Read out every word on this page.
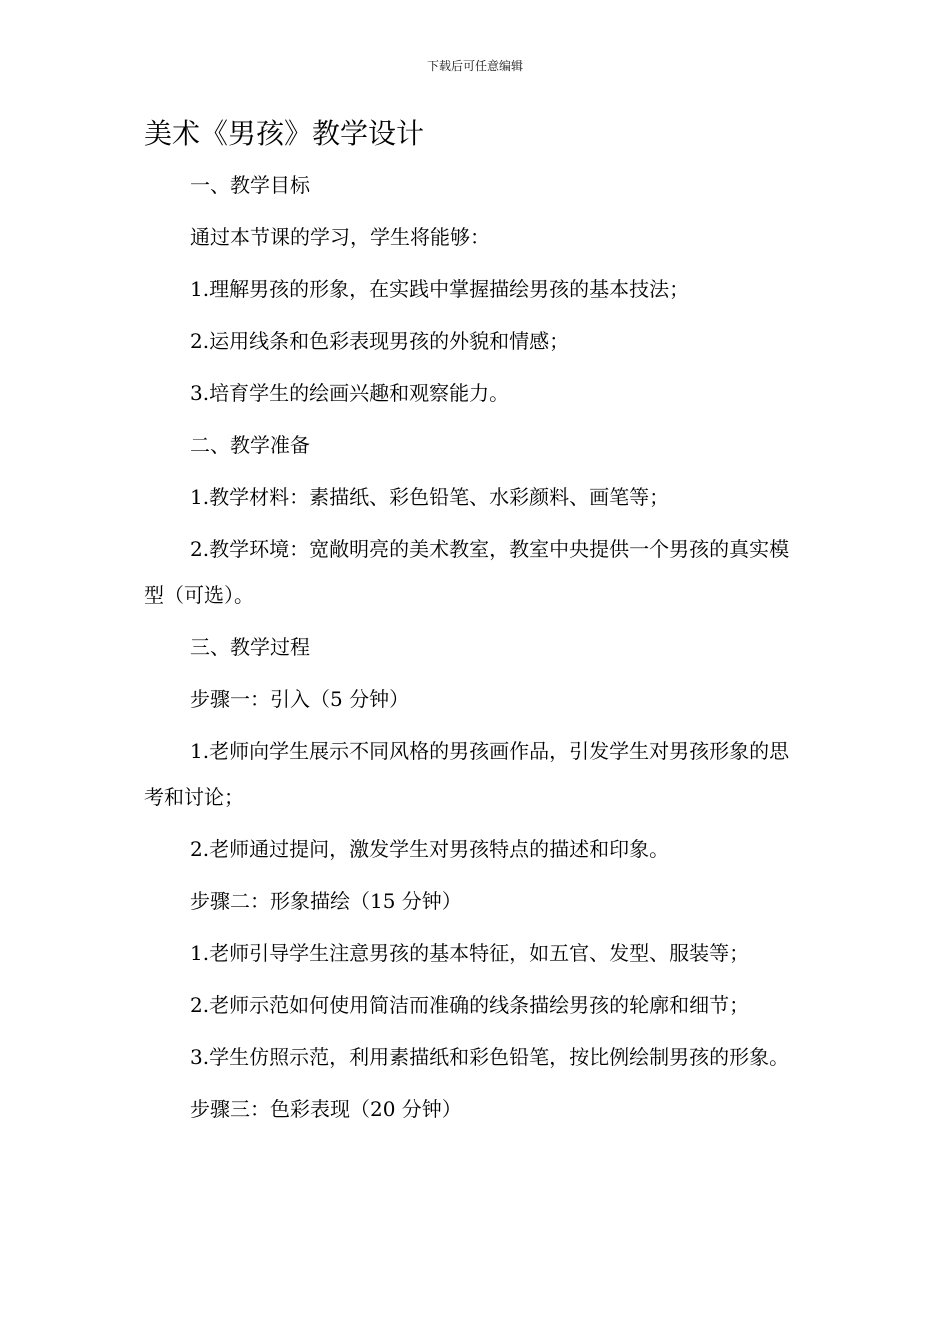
下载后可任意编辑
美术《男孩》教学设计

一、教学目标

通过本节课的学习，学生将能够：

1.理解男孩的形象，在实践中掌握描绘男孩的基本技法；

2.运用线条和色彩表现男孩的外貌和情感；

3.培育学生的绘画兴趣和观察能力。

二、教学准备

1.教学材料：素描纸、彩色铅笔、水彩颜料、画笔等；

2.教学环境：宽敞明亮的美术教室，教室中央提供一个男孩的真实模型（可选）。

三、教学过程

步骤一：引入（5 分钟）

1.老师向学生展示不同风格的男孩画作品，引发学生对男孩形象的思考和讨论；

2.老师通过提问，激发学生对男孩特点的描述和印象。

步骤二：形象描绘（15 分钟）

1.老师引导学生注意男孩的基本特征，如五官、发型、服装等；

2.老师示范如何使用简洁而准确的线条描绘男孩的轮廓和细节；

3.学生仿照示范，利用素描纸和彩色铅笔，按比例绘制男孩的形象。

步骤三：色彩表现（20 分钟）
